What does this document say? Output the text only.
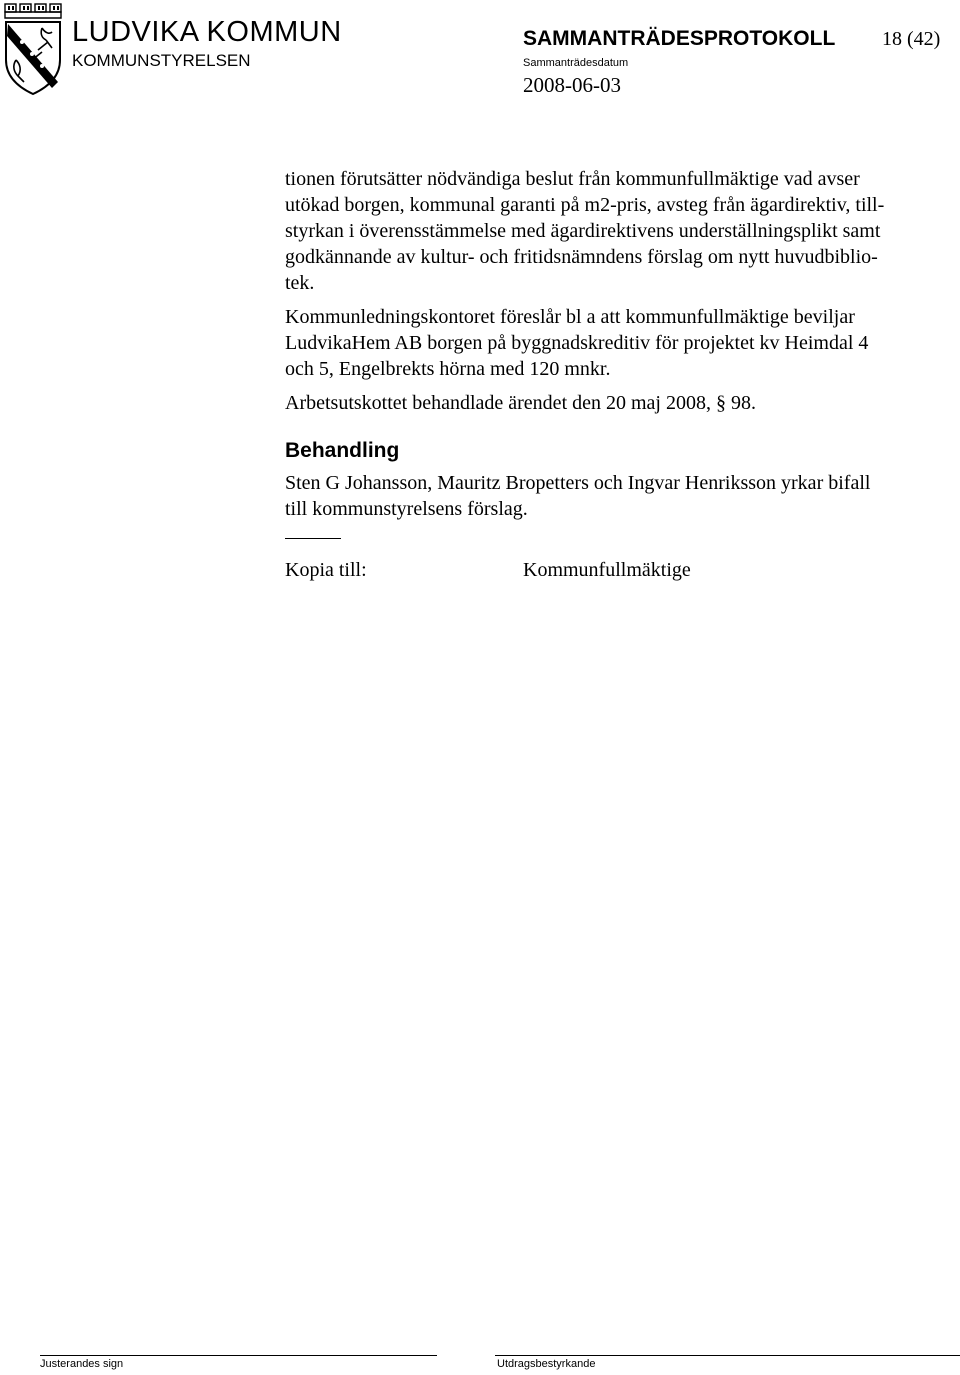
LUDVIKA KOMMUN
KOMMUNSTYRELSEN
SAMMANTRÄDESPROTOKOLL 18 (42)
Sammanträdesdatum
2008-06-03

tionen förutsätter nödvändiga beslut från kommunfullmäktige vad avser
utökad borgen, kommunal garanti på m2-pris, avsteg från ägardirektiv, till-
styrkan i överensstämmelse med ägardirektivens underställningsplikt samt
godkännande av kultur- och fritidsnämndens förslag om nytt huvudbiblio-
tek.

Kommunledningskontoret föreslår bl a att kommunfullmäktige beviljar
LudvikaHem AB borgen på byggnadskreditiv för projektet kv Heimdal 4
och 5, Engelbrekts hörna med 120 mnkr.

Arbetsutskottet behandlade ärendet den 20 maj 2008, § 98.

Behandling

Sten G Johansson, Mauritz Bropetters och Ingvar Henriksson yrkar bifall
till kommunstyrelsens förslag.

Kopia till:	Kommunfullmäktige
Justerandes sign	Utdragsbestyrkande
